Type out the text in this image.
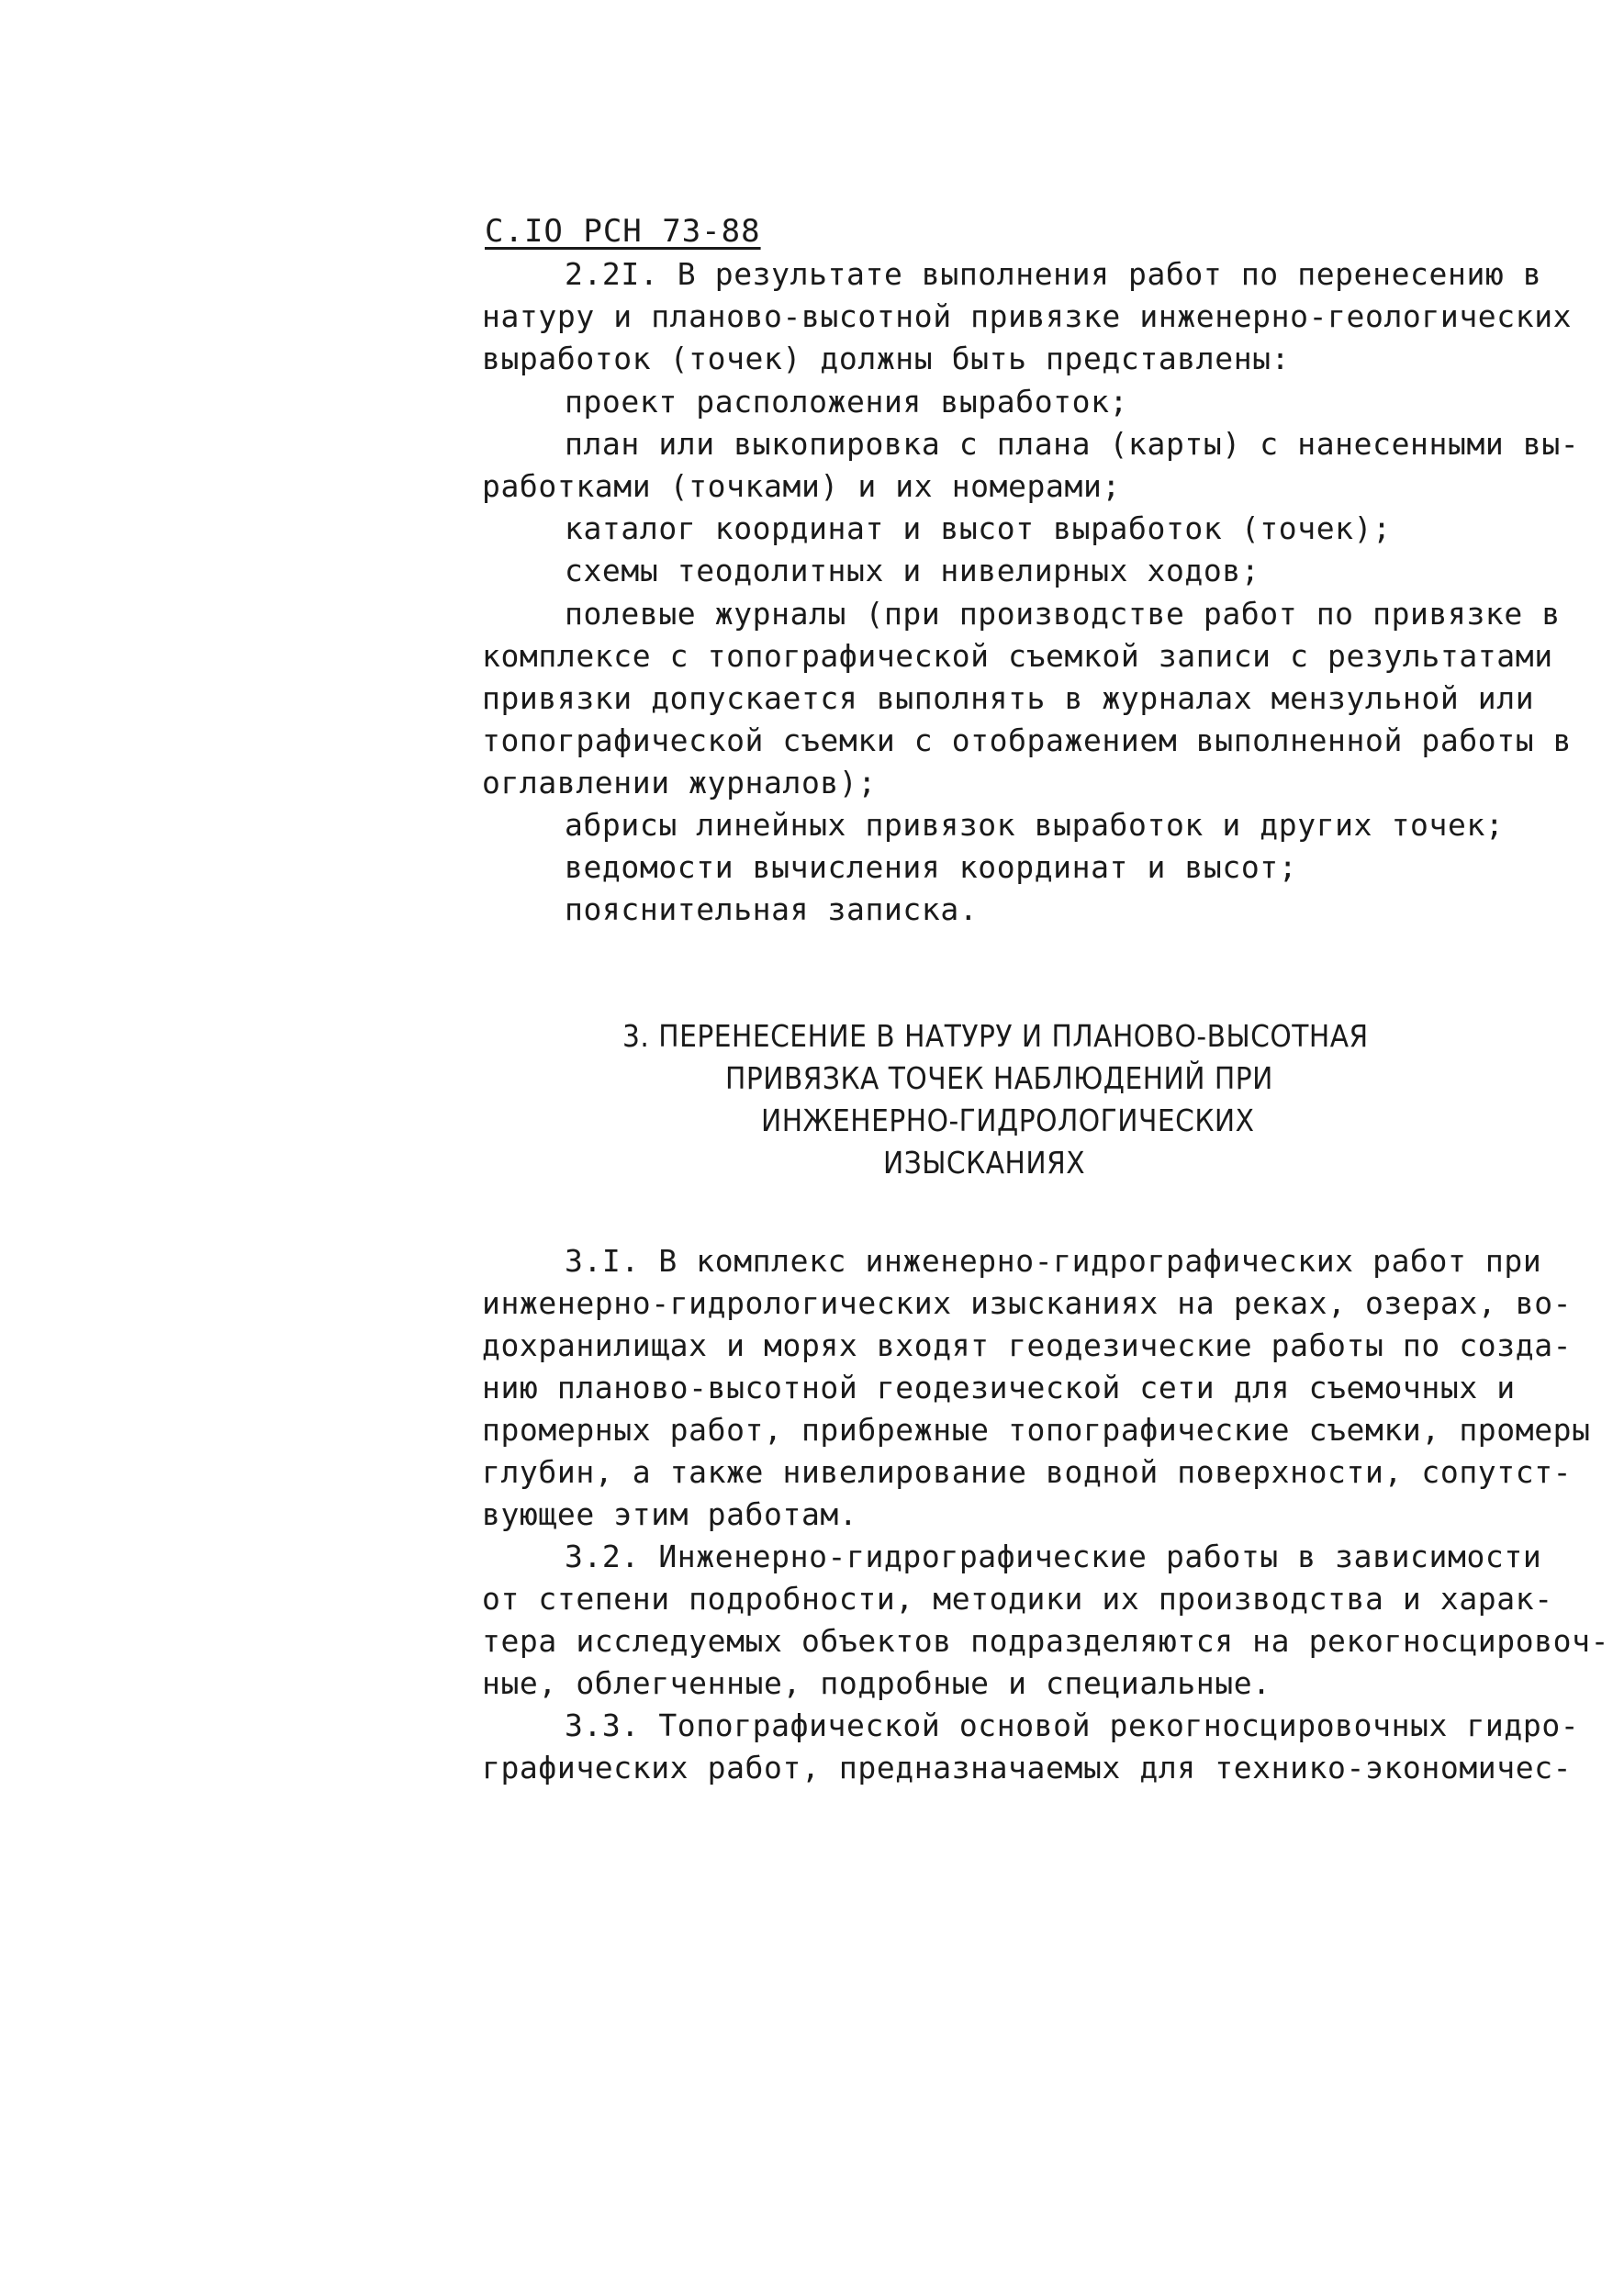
С.IO РСН 73-88
2.2I. В результате выполнения работ по перенесению в
натуру и планово-высотной привязке инженерно-геологических
выработок (точек) должны быть представлены:
проект расположения выработок;
план или выкопировка с плана (карты) с нанесенными вы-
работками (точками) и их номерами;
каталог координат и высот выработок (точек);
схемы теодолитных и нивелирных ходов;
полевые журналы (при производстве работ по привязке в
комплексе с топографической съемкой записи с результатами
привязки допускается выполнять в журналах мензульной или
топографической съемки с отображением выполненной работы в
оглавлении журналов);
абрисы линейных привязок выработок и других точек;
ведомости вычисления координат и высот;
пояснительная записка.
3. ПЕРЕНЕСЕНИЕ В НАТУРУ И ПЛАНОВО-ВЫСОТНАЯ
ПРИВЯЗКА ТОЧЕК НАБЛЮДЕНИЙ ПРИ
ИНЖЕНЕРНО-ГИДРОЛОГИЧЕСКИХ
ИЗЫСКАНИЯХ
3.I. В комплекс инженерно-гидрографических работ при
инженерно-гидрологических изысканиях на реках, озерах, во-
дохранилищах и морях входят геодезические работы по созда-
нию планово-высотной геодезической сети для съемочных и
промерных работ, прибрежные топографические съемки, промеры
глубин, а также нивелирование водной поверхности, сопутст-
вующее этим работам.
3.2. Инженерно-гидрографические работы в зависимости
от степени подробности, методики их производства и харак-
тера исследуемых объектов подразделяются на рекогносцировоч-
ные, облегченные, подробные и специальные.
3.3. Топографической основой рекогносцировочных гидро-
графических работ, предназначаемых для технико-экономичес-
